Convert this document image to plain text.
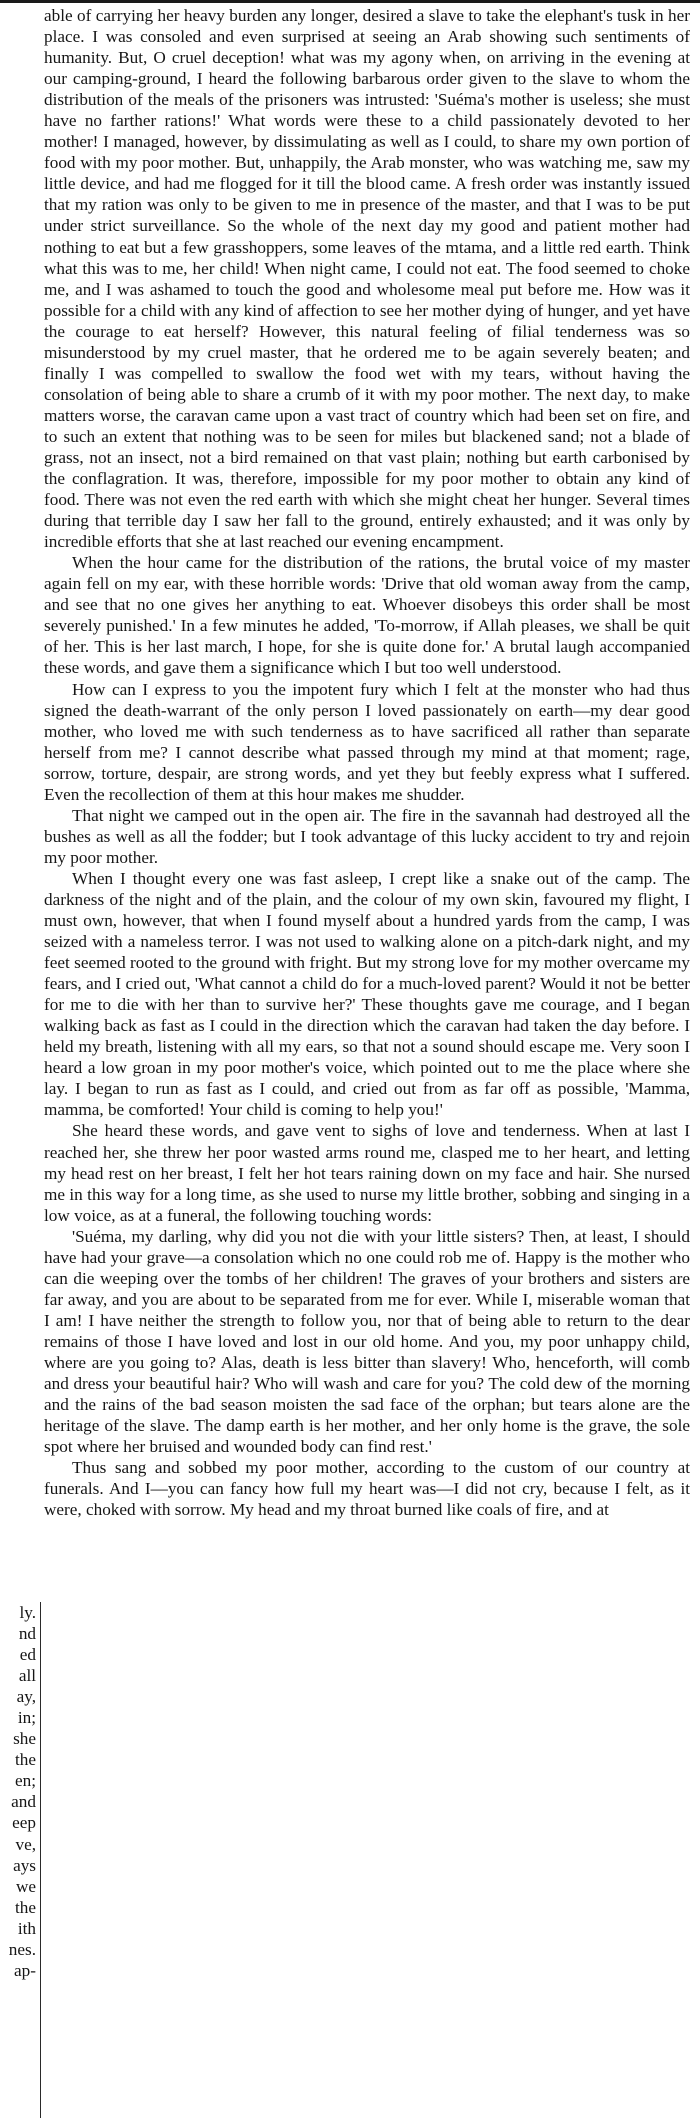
ly.
nd
ed
all
ay,
in;
she
the
en;
and
eep
ve,
ays
we
the
ith
nes.
ap-

able of carrying her heavy burden any longer, desired a slave to take the elephant's tusk in her place. I was consoled and even surprised at seeing an Arab showing such sentiments of humanity. But, O cruel deception! what was my agony when, on arriving in the evening at our camping-ground, I heard the following barbarous order given to the slave to whom the distribution of the meals of the prisoners was intrusted: 'Suéma's mother is useless; she must have no farther rations!' What words were these to a child passionately devoted to her mother! I managed, however, by dissimulating as well as I could, to share my own portion of food with my poor mother. But, unhappily, the Arab monster, who was watching me, saw my little device, and had me flogged for it till the blood came. A fresh order was instantly issued that my ration was only to be given to me in presence of the master, and that I was to be put under strict surveillance. So the whole of the next day my good and patient mother had nothing to eat but a few grasshoppers, some leaves of the mtama, and a little red earth. Think what this was to me, her child! When night came, I could not eat. The food seemed to choke me, and I was ashamed to touch the good and wholesome meal put before me. How was it possible for a child with any kind of affection to see her mother dying of hunger, and yet have the courage to eat herself? However, this natural feeling of filial tenderness was so misunderstood by my cruel master, that he ordered me to be again severely beaten; and finally I was compelled to swallow the food wet with my tears, without having the consolation of being able to share a crumb of it with my poor mother. The next day, to make matters worse, the caravan came upon a vast tract of country which had been set on fire, and to such an extent that nothing was to be seen for miles but blackened sand; not a blade of grass, not an insect, not a bird remained on that vast plain; nothing but earth carbonised by the conflagration. It was, therefore, impossible for my poor mother to obtain any kind of food. There was not even the red earth with which she might cheat her hunger. Several times during that terrible day I saw her fall to the ground, entirely exhausted; and it was only by incredible efforts that she at last reached our evening encampment.

When the hour came for the distribution of the rations, the brutal voice of my master again fell on my ear, with these horrible words: 'Drive that old woman away from the camp, and see that no one gives her anything to eat. Whoever disobeys this order shall be most severely punished.' In a few minutes he added, 'To-morrow, if Allah pleases, we shall be quit of her. This is her last march, I hope, for she is quite done for.' A brutal laugh accompanied these words, and gave them a significance which I but too well understood.

How can I express to you the impotent fury which I felt at the monster who had thus signed the death-warrant of the only person I loved passionately on earth—my dear good mother, who loved me with such tenderness as to have sacrificed all rather than separate herself from me? I cannot describe what passed through my mind at that moment; rage, sorrow, torture, despair, are strong words, and yet they but feebly express what I suffered. Even the recollection of them at this hour makes me shudder.

That night we camped out in the open air. The fire in the savannah had destroyed all the bushes as well as all the fodder; but I took advantage of this lucky accident to try and rejoin my poor mother.

When I thought every one was fast asleep, I crept like a snake out of the camp. The darkness of the night and of the plain, and the colour of my own skin, favoured my flight, I must own, however, that when I found myself about a hundred yards from the camp, I was seized with a nameless terror. I was not used to walking alone on a pitch-dark night, and my feet seemed rooted to the ground with fright. But my strong love for my mother overcame my fears, and I cried out, 'What cannot a child do for a much-loved parent? Would it not be better for me to die with her than to survive her?' These thoughts gave me courage, and I began walking back as fast as I could in the direction which the caravan had taken the day before. I held my breath, listening with all my ears, so that not a sound should escape me. Very soon I heard a low groan in my poor mother's voice, which pointed out to me the place where she lay. I began to run as fast as I could, and cried out from as far off as possible, 'Mamma, mamma, be comforted! Your child is coming to help you!'

She heard these words, and gave vent to sighs of love and tenderness. When at last I reached her, she threw her poor wasted arms round me, clasped me to her heart, and letting my head rest on her breast, I felt her hot tears raining down on my face and hair. She nursed me in this way for a long time, as she used to nurse my little brother, sobbing and singing in a low voice, as at a funeral, the following touching words:

'Suéma, my darling, why did you not die with your little sisters? Then, at least, I should have had your grave—a consolation which no one could rob me of. Happy is the mother who can die weeping over the tombs of her children! The graves of your brothers and sisters are far away, and you are about to be separated from me for ever. While I, miserable woman that I am! I have neither the strength to follow you, nor that of being able to return to the dear remains of those I have loved and lost in our old home. And you, my poor unhappy child, where are you going to? Alas, death is less bitter than slavery! Who, henceforth, will comb and dress your beautiful hair? Who will wash and care for you? The cold dew of the morning and the rains of the bad season moisten the sad face of the orphan; but tears alone are the heritage of the slave. The damp earth is her mother, and her only home is the grave, the sole spot where her bruised and wounded body can find rest.'

Thus sang and sobbed my poor mother, according to the custom of our country at funerals. And I—you can fancy how full my heart was—I did not cry, because I felt, as it were, choked with sorrow. My head and my throat burned like coals of fire, and at
